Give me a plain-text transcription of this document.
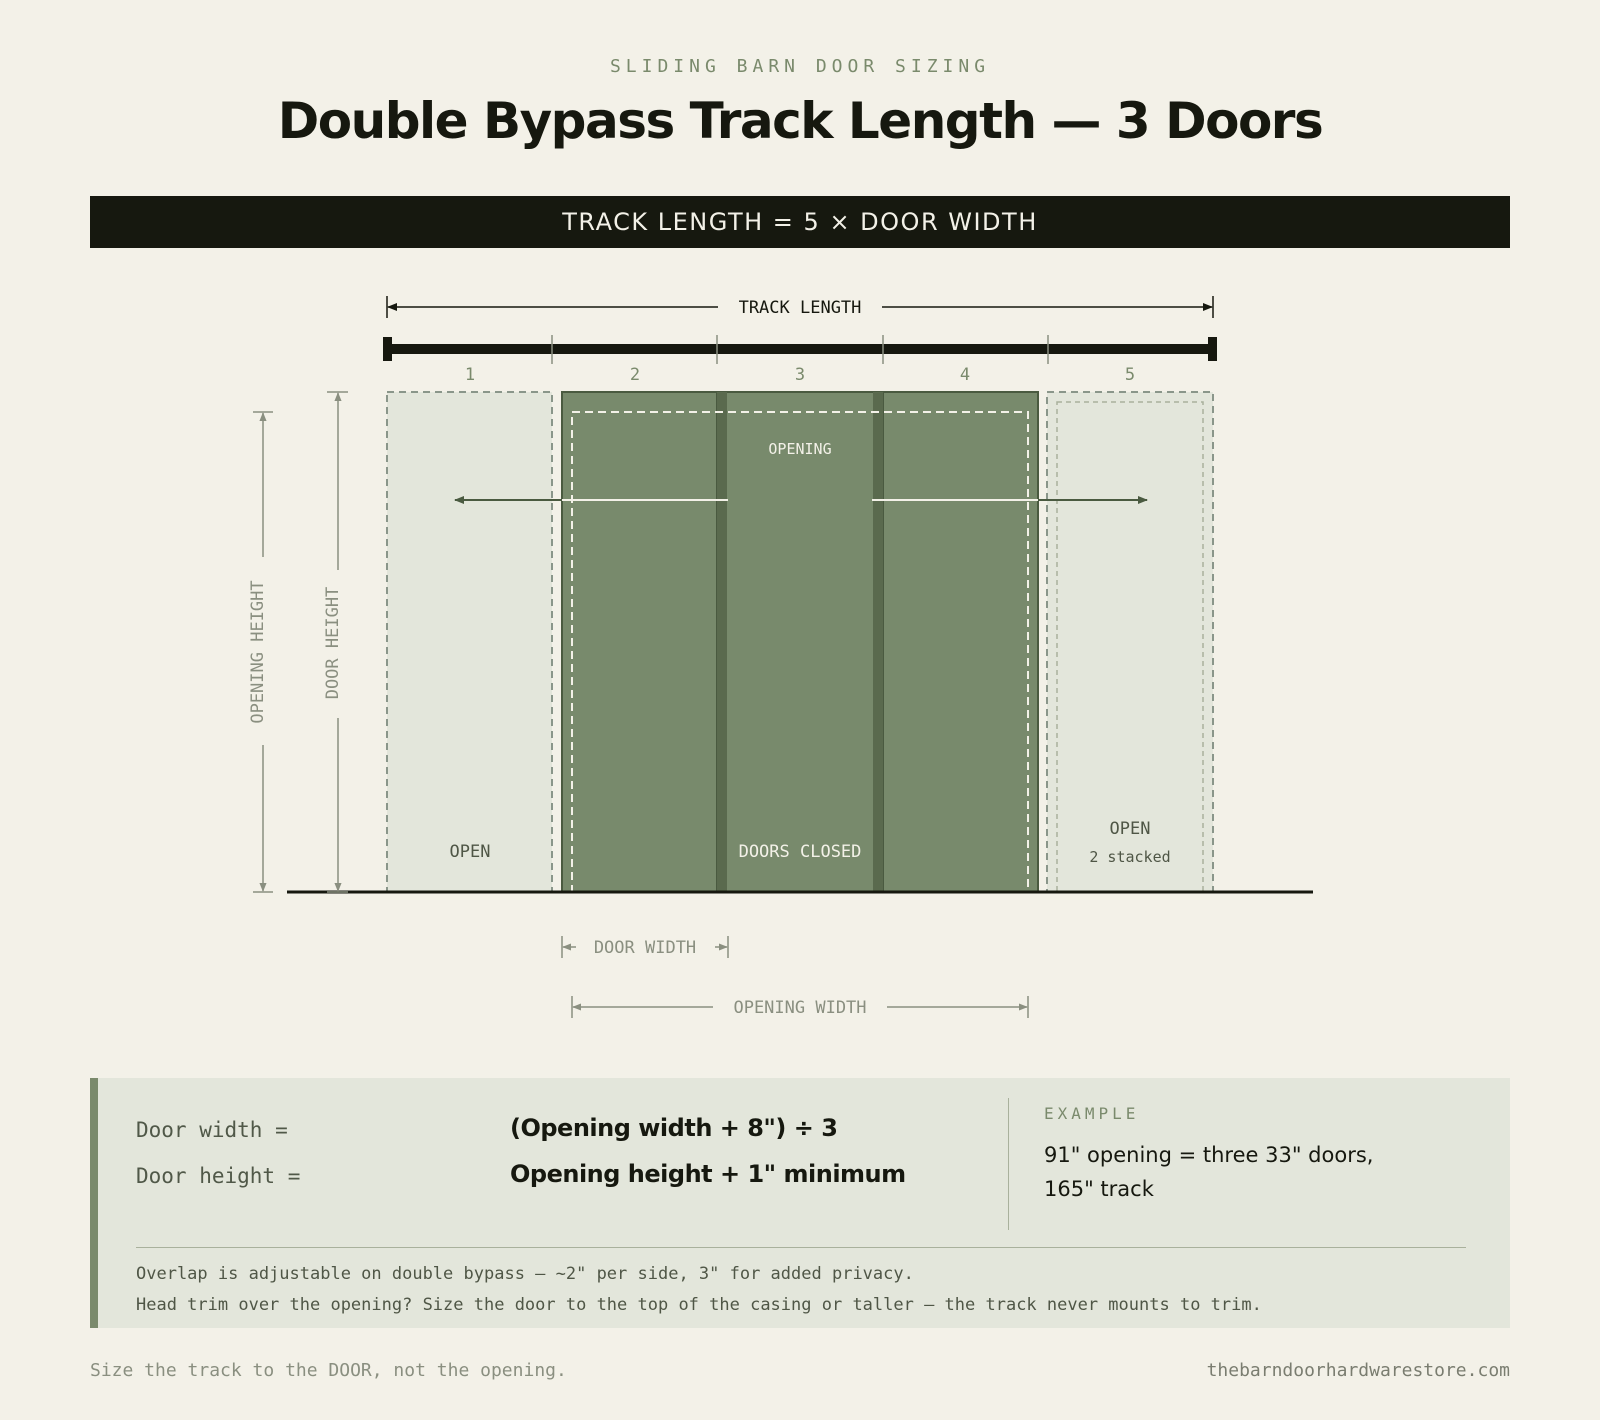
SLIDING BARN DOOR SIZING
Double Bypass Track Length — 3 Doors
TRACK LENGTH = 5 × DOOR WIDTH
TRACK LENGTH
1	2	3	4	5
OPENING
OPEN	DOORS CLOSED
OPEN
2 stacked
OPENING HEIGHT	DOOR HEIGHT
DOOR WIDTH
OPENING WIDTH
Door width =	(Opening width + 8") ÷ 3
Door height =	Opening height + 1" minimum
EXAMPLE
91" opening = three 33" doors, 165" track
Overlap is adjustable on double bypass — ~2" per side, 3" for added privacy.
Head trim over the opening? Size the door to the top of the casing or taller — the track never mounts to trim.
Size the track to the DOOR, not the opening.	thebarndoorhardwarestore.com
